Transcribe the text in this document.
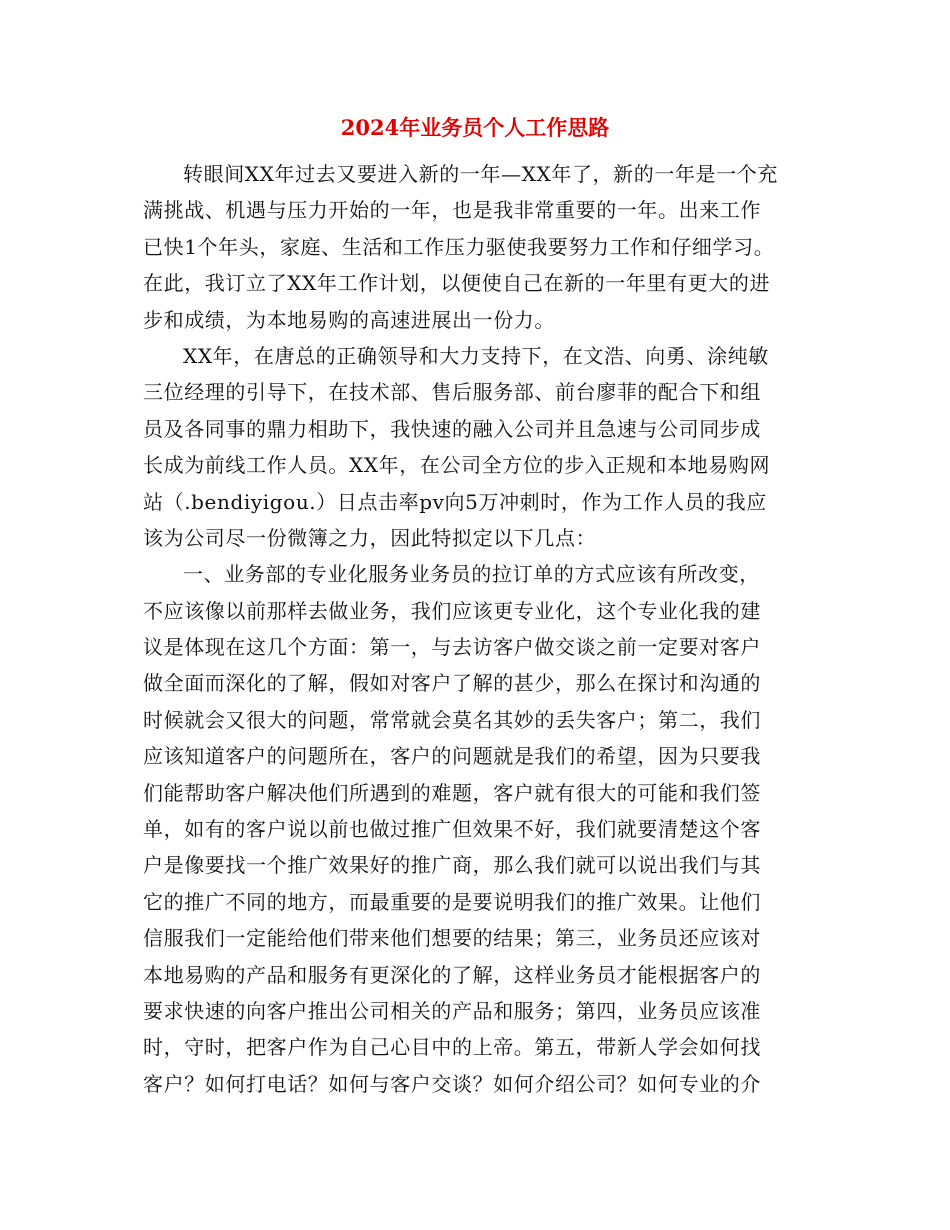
2024年业务员个人工作思路
转眼间XX年过去又要进入新的一年—XX年了，新的一年是一个充
满挑战、机遇与压力开始的一年，也是我非常重要的一年。出来工作
已快1个年头，家庭、生活和工作压力驱使我要努力工作和仔细学习。
在此，我订立了XX年工作计划，以便使自己在新的一年里有更大的进
步和成绩，为本地易购的高速进展出一份力。
XX年，在唐总的正确领导和大力支持下，在文浩、向勇、涂纯敏
三位经理的引导下，在技术部、售后服务部、前台廖菲的配合下和组
员及各同事的鼎力相助下，我快速的融入公司并且急速与公司同步成
长成为前线工作人员。XX年，在公司全方位的步入正规和本地易购网
站（.bendiyigou.）日点击率pv向5万冲刺时，作为工作人员的我应
该为公司尽一份微簿之力，因此特拟定以下几点：
一、业务部的专业化服务业务员的拉订单的方式应该有所改变，
不应该像以前那样去做业务，我们应该更专业化，这个专业化我的建
议是体现在这几个方面：第一，与去访客户做交谈之前一定要对客户
做全面而深化的了解，假如对客户了解的甚少，那么在探讨和沟通的
时候就会又很大的问题，常常就会莫名其妙的丢失客户；第二，我们
应该知道客户的问题所在，客户的问题就是我们的希望，因为只要我
们能帮助客户解决他们所遇到的难题，客户就有很大的可能和我们签
单，如有的客户说以前也做过推广但效果不好，我们就要清楚这个客
户是像要找一个推广效果好的推广商，那么我们就可以说出我们与其
它的推广不同的地方，而最重要的是要说明我们的推广效果。让他们
信服我们一定能给他们带来他们想要的结果；第三，业务员还应该对
本地易购的产品和服务有更深化的了解，这样业务员才能根据客户的
要求快速的向客户推出公司相关的产品和服务；第四，业务员应该准
时，守时，把客户作为自己心目中的上帝。第五，带新人学会如何找
客户？如何打电话？如何与客户交谈？如何介绍公司？如何专业的介
